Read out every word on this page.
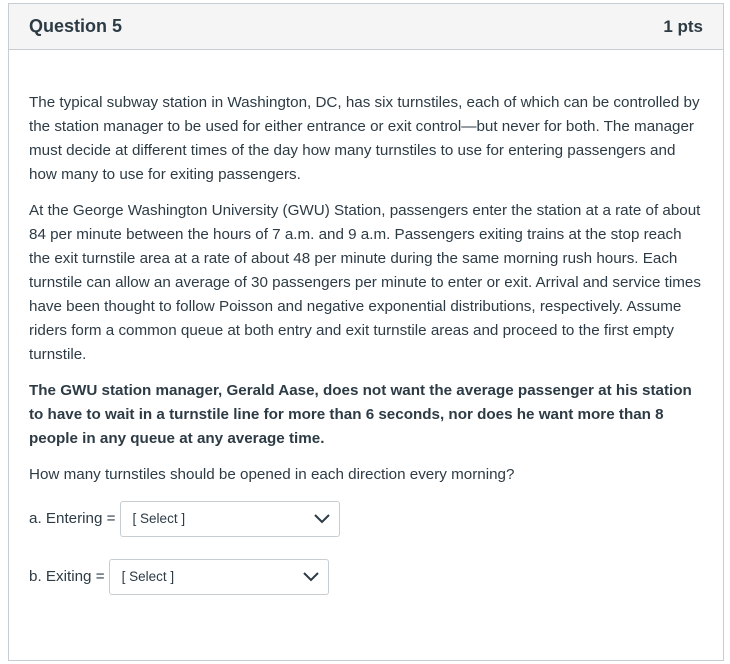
Question 5	1 pts

The typical subway station in Washington, DC, has six turnstiles, each of which can be controlled by the station manager to be used for either entrance or exit control—but never for both. The manager must decide at different times of the day how many turnstiles to use for entering passengers and how many to use for exiting passengers.

At the George Washington University (GWU) Station, passengers enter the station at a rate of about 84 per minute between the hours of 7 a.m. and 9 a.m. Passengers exiting trains at the stop reach the exit turnstile area at a rate of about 48 per minute during the same morning rush hours. Each turnstile can allow an average of 30 passengers per minute to enter or exit. Arrival and service times have been thought to follow Poisson and negative exponential distributions, respectively. Assume riders form a common queue at both entry and exit turnstile areas and proceed to the first empty turnstile.

The GWU station manager, Gerald Aase, does not want the average passenger at his station to have to wait in a turnstile line for more than 6 seconds, nor does he want more than 8 people in any queue at any average time.

How many turnstiles should be opened in each direction every morning?

a. Entering = [ Select ]
b. Exiting = [ Select ]
